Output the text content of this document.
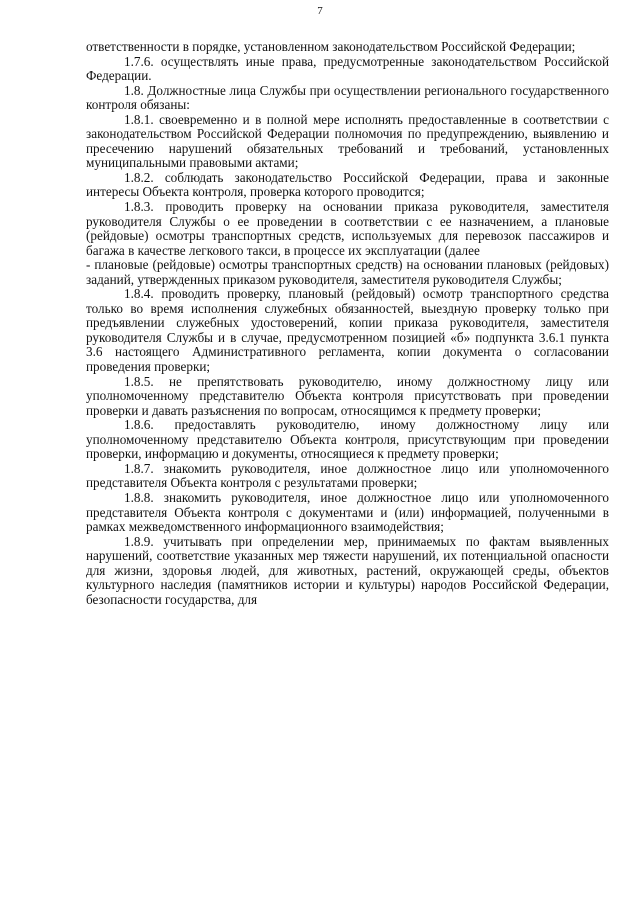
7

ответственности в порядке, установленном законодательством Российской Федерации;

1.7.6. осуществлять иные права, предусмотренные законодательством Российской Федерации.

1.8. Должностные лица Службы при осуществлении регионального государственного контроля обязаны:

1.8.1. своевременно и в полной мере исполнять предоставленные в соответствии с законодательством Российской Федерации полномочия по предупреждению, выявлению и пресечению нарушений обязательных требований и требований, установленных муниципальными правовыми актами;

1.8.2. соблюдать законодательство Российской Федерации, права и законные интересы Объекта контроля, проверка которого проводится;

1.8.3. проводить проверку на основании приказа руководителя, заместителя руководителя Службы о ее проведении в соответствии с ее назначением, а плановые (рейдовые) осмотры транспортных средств, используемых для перевозок пассажиров и багажа в качестве легкового такси, в процессе их эксплуатации (далее

- плановые (рейдовые) осмотры транспортных средств) на основании плановых (рейдовых) заданий, утвержденных приказом руководителя, заместителя руководителя Службы;

1.8.4. проводить проверку, плановый (рейдовый) осмотр транспортного средства только во время исполнения служебных обязанностей, выездную проверку только при предъявлении служебных удостоверений, копии приказа руководителя, заместителя руководителя Службы и в случае, предусмотренном позицией «б» подпункта 3.6.1 пункта 3.6 настоящего Административного регламента, копии документа о согласовании проведения проверки;

1.8.5. не препятствовать руководителю, иному должностному лицу или уполномоченному представителю Объекта контроля присутствовать при проведении проверки и давать разъяснения по вопросам, относящимся к предмету проверки;

1.8.6. предоставлять руководителю, иному должностному лицу или уполномоченному представителю Объекта контроля, присутствующим при проведении проверки, информацию и документы, относящиеся к предмету проверки;

1.8.7. знакомить руководителя, иное должностное лицо или уполномоченного представителя Объекта контроля с результатами проверки;

1.8.8. знакомить руководителя, иное должностное лицо или уполномоченного представителя Объекта контроля с документами и (или) информацией, полученными в рамках межведомственного информационного взаимодействия;

1.8.9. учитывать при определении мер, принимаемых по фактам выявленных нарушений, соответствие указанных мер тяжести нарушений, их потенциальной опасности для жизни, здоровья людей, для животных, растений, окружающей среды, объектов культурного наследия (памятников истории и культуры) народов Российской Федерации, безопасности государства, для
